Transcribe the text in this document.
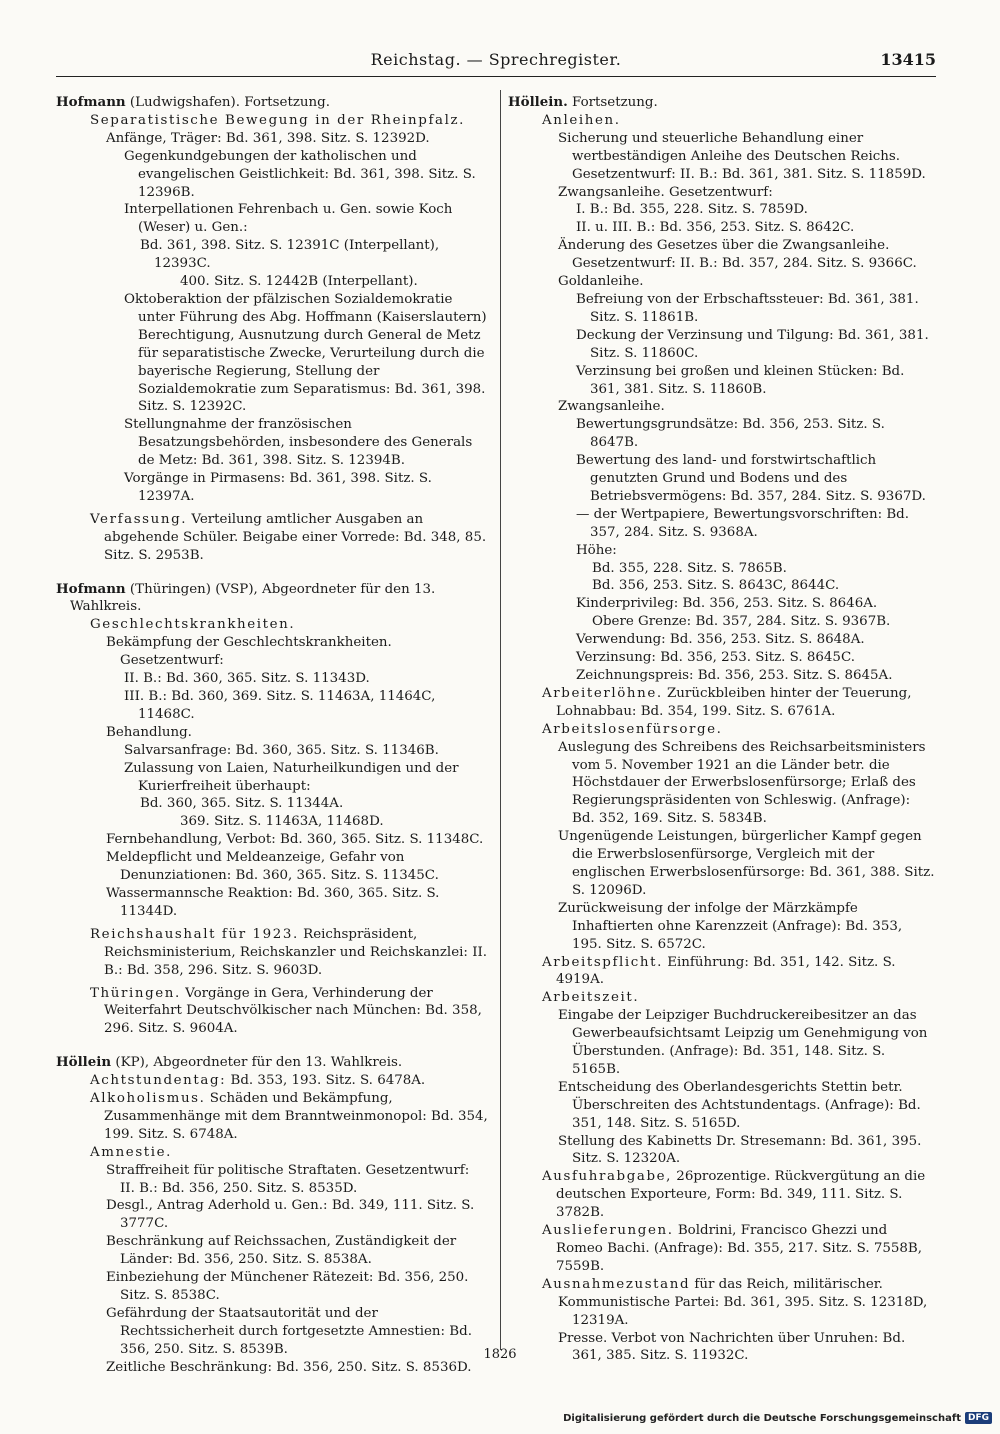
Reichstag. — Sprechregister.	13415
Hofmann (Ludwigshafen). Fortsetzung.
Separatistische Bewegung in der Rheinpfalz.
Anfänge, Träger: Bd. 361, 398. Sitz. S. 12392D.
Gegenkundgebungen der katholischen und evangelischen Geistlichkeit: Bd. 361, 398. Sitz. S. 12396B.
Interpellationen Fehrenbach u. Gen. sowie Koch (Weser) u. Gen.:
Bd. 361, 398. Sitz. S. 12391C (Interpellant), 12393C.
400. Sitz. S. 12442B (Interpellant).
Oktoberaktion der pfälzischen Sozialdemokratie unter Führung des Abg. Hoffmann (Kaiserslautern) Berechtigung, Ausnutzung durch General de Metz für separatistische Zwecke, Verurteilung durch die bayerische Regierung, Stellung der Sozialdemokratie zum Separatismus: Bd. 361, 398. Sitz. S. 12392C.
Stellungnahme der französischen Besatzungsbehörden, insbesondere des Generals de Metz: Bd. 361, 398. Sitz. S. 12394B.
Vorgänge in Pirmasens: Bd. 361, 398. Sitz. S. 12397A.
Verfassung. Verteilung amtlicher Ausgaben an abgehende Schüler. Beigabe einer Vorrede: Bd. 348, 85. Sitz. S. 2953B.
Hofmann (Thüringen) (VSP), Abgeordneter für den 13. Wahlkreis.
Geschlechtskrankheiten.
Bekämpfung der Geschlechtskrankheiten. Gesetzentwurf:
II. B.: Bd. 360, 365. Sitz. S. 11343D.
III. B.: Bd. 360, 369. Sitz. S. 11463A, 11464C, 11468C.
Behandlung.
Salvarsanfrage: Bd. 360, 365. Sitz. S. 11346B.
Zulassung von Laien, Naturheilkundigen und der Kurierfreiheit überhaupt:
Bd. 360, 365. Sitz. S. 11344A.
369. Sitz. S. 11463A, 11468D.
Fernbehandlung, Verbot: Bd. 360, 365. Sitz. S. 11348C.
Meldepflicht und Meldeanzeige, Gefahr von Denunziationen: Bd. 360, 365. Sitz. S. 11345C.
Wassermannsche Reaktion: Bd. 360, 365. Sitz. S. 11344D.
Reichshaushalt für 1923. Reichspräsident, Reichsministerium, Reichskanzler und Reichskanzlei: II. B.: Bd. 358, 296. Sitz. S. 9603D.
Thüringen. Vorgänge in Gera, Verhinderung der Weiterfahrt Deutschvölkischer nach München: Bd. 358, 296. Sitz. S. 9604A.
Höllein (KP), Abgeordneter für den 13. Wahlkreis.
Achtstundentag: Bd. 353, 193. Sitz. S. 6478A.
Alkoholismus. Schäden und Bekämpfung, Zusammenhänge mit dem Branntweinmonopol: Bd. 354, 199. Sitz. S. 6748A.
Amnestie.
Straffreiheit für politische Straftaten. Gesetzentwurf: II. B.: Bd. 356, 250. Sitz. S. 8535D.
Desgl., Antrag Aderhold u. Gen.: Bd. 349, 111. Sitz. S. 3777C.
Beschränkung auf Reichssachen, Zuständigkeit der Länder: Bd. 356, 250. Sitz. S. 8538A.
Einbeziehung der Münchener Rätezeit: Bd. 356, 250. Sitz. S. 8538C.
Gefährdung der Staatsautorität und der Rechtssicherheit durch fortgesetzte Amnestien: Bd. 356, 250. Sitz. S. 8539B.
Zeitliche Beschränkung: Bd. 356, 250. Sitz. S. 8536D.
Höllein. Fortsetzung.
Anleihen.
Sicherung und steuerliche Behandlung einer wertbeständigen Anleihe des Deutschen Reichs. Gesetzentwurf: II. B.: Bd. 361, 381. Sitz. S. 11859D.
Zwangsanleihe. Gesetzentwurf:
I. B.: Bd. 355, 228. Sitz. S. 7859D.
II. u. III. B.: Bd. 356, 253. Sitz. S. 8642C.
Änderung des Gesetzes über die Zwangsanleihe. Gesetzentwurf: II. B.: Bd. 357, 284. Sitz. S. 9366C.
Goldanleihe.
Befreiung von der Erbschaftssteuer: Bd. 361, 381. Sitz. S. 11861B.
Deckung der Verzinsung und Tilgung: Bd. 361, 381. Sitz. S. 11860C.
Verzinsung bei großen und kleinen Stücken: Bd. 361, 381. Sitz. S. 11860B.
Zwangsanleihe.
Bewertungsgrundsätze: Bd. 356, 253. Sitz. S. 8647B.
Bewertung des land- und forstwirtschaftlich genutzten Grund und Bodens und des Betriebsvermögens: Bd. 357, 284. Sitz. S. 9367D.
— der Wertpapiere, Bewertungsvorschriften: Bd. 357, 284. Sitz. S. 9368A.
Höhe:
Bd. 355, 228. Sitz. S. 7865B.
Bd. 356, 253. Sitz. S. 8643C, 8644C.
Kinderprivileg: Bd. 356, 253. Sitz. S. 8646A.
Obere Grenze: Bd. 357, 284. Sitz. S. 9367B.
Verwendung: Bd. 356, 253. Sitz. S. 8648A.
Verzinsung: Bd. 356, 253. Sitz. S. 8645C.
Zeichnungspreis: Bd. 356, 253. Sitz. S. 8645A.
Arbeiterlöhne. Zurückbleiben hinter der Teuerung, Lohnabbau: Bd. 354, 199. Sitz. S. 6761A.
Arbeitslosenfürsorge.
Auslegung des Schreibens des Reichsarbeitsministers vom 5. November 1921 an die Länder betr. die Höchstdauer der Erwerbslosenfürsorge; Erlaß des Regierungspräsidenten von Schleswig. (Anfrage): Bd. 352, 169. Sitz. S. 5834B.
Ungenügende Leistungen, bürgerlicher Kampf gegen die Erwerbslosenfürsorge, Vergleich mit der englischen Erwerbslosenfürsorge: Bd. 361, 388. Sitz. S. 12096D.
Zurückweisung der infolge der Märzkämpfe Inhaftierten ohne Karenzzeit (Anfrage): Bd. 353, 195. Sitz. S. 6572C.
Arbeitspflicht. Einführung: Bd. 351, 142. Sitz. S. 4919A.
Arbeitszeit.
Eingabe der Leipziger Buchdruckereibesitzer an das Gewerbeaufsichtsamt Leipzig um Genehmigung von Überstunden. (Anfrage): Bd. 351, 148. Sitz. S. 5165B.
Entscheidung des Oberlandesgerichts Stettin betr. Überschreiten des Achtstundentags. (Anfrage): Bd. 351, 148. Sitz. S. 5165D.
Stellung des Kabinetts Dr. Stresemann: Bd. 361, 395. Sitz. S. 12320A.
Ausfuhrabgabe, 26prozentige. Rückvergütung an die deutschen Exporteure, Form: Bd. 349, 111. Sitz. S. 3782B.
Auslieferungen. Boldrini, Francisco Ghezzi und Romeo Bachi. (Anfrage): Bd. 355, 217. Sitz. S. 7558B, 7559B.
Ausnahmezustand für das Reich, militärischer.
Kommunistische Partei: Bd. 361, 395. Sitz. S. 12318D, 12319A.
Presse. Verbot von Nachrichten über Unruhen: Bd. 361, 385. Sitz. S. 11932C.
1826
Digitalisierung gefördert durch die Deutsche Forschungsgemeinschaft DFG
